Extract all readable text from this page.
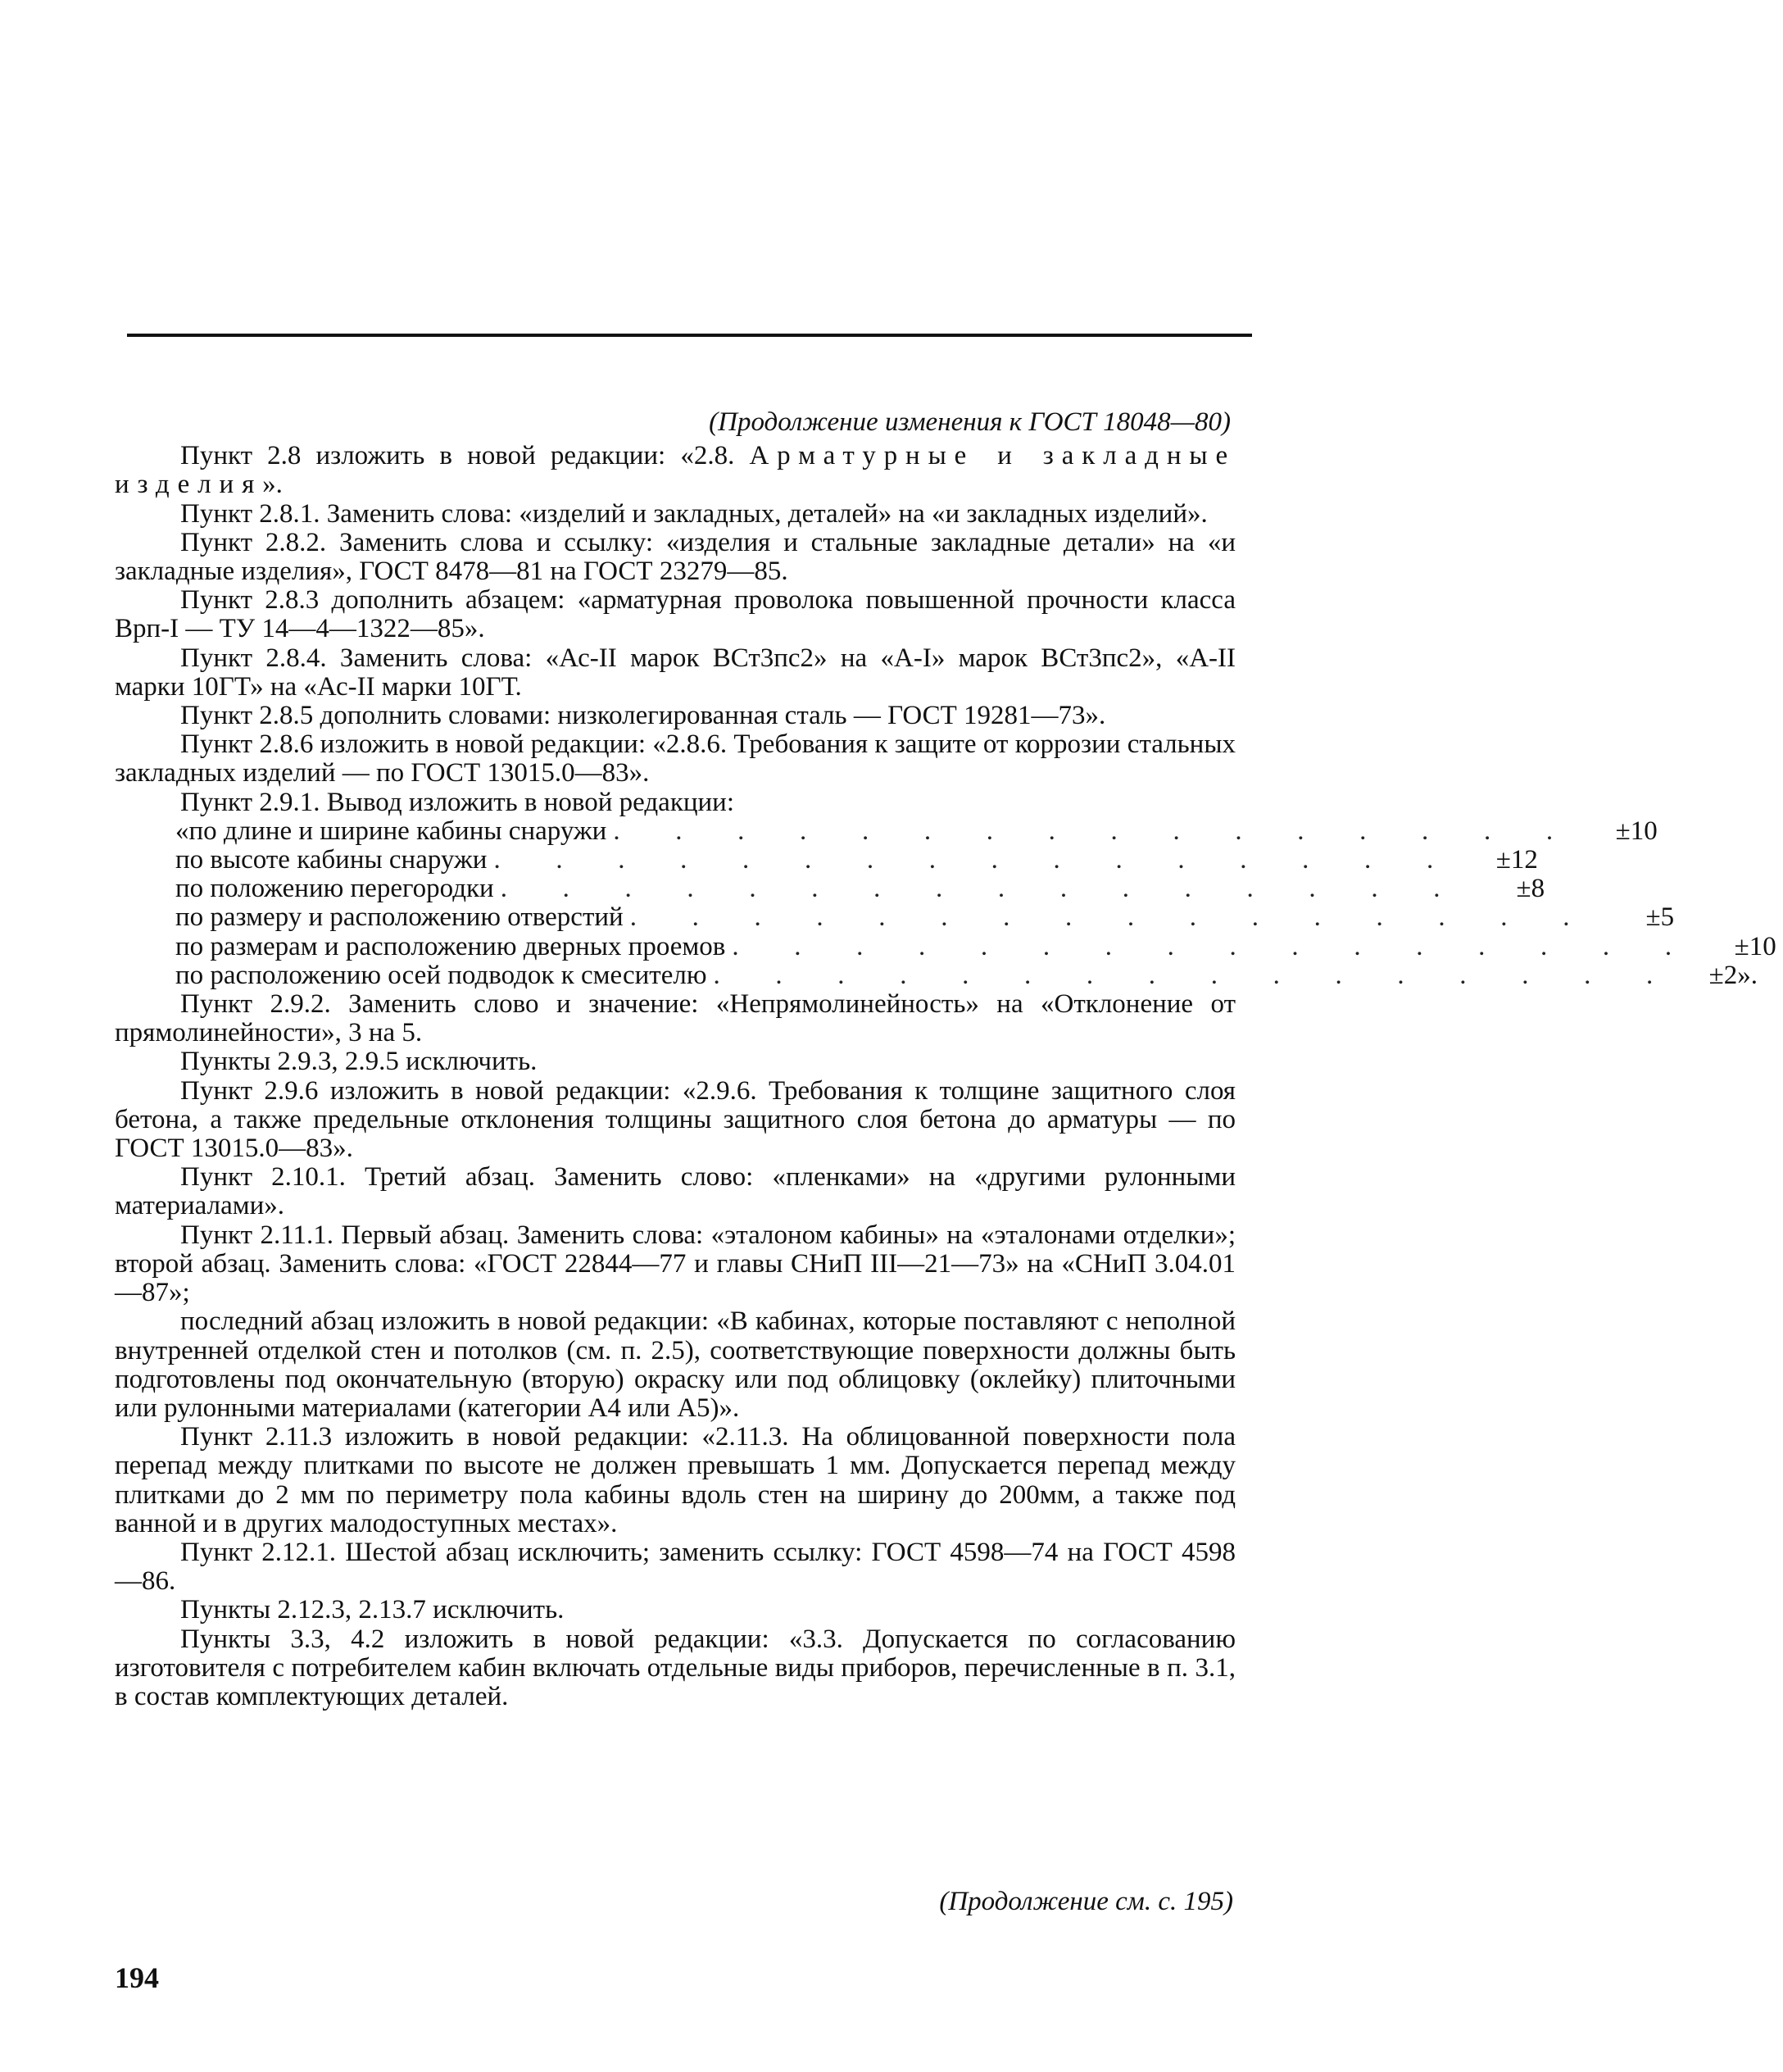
(Продолжение изменения к ГОСТ 18048—80)
Пункт 2.8 изложить в новой редакции: «2.8. Арматурные и закладные изделия».
Пункт 2.8.1. Заменить слова: «изделий и закладных, деталей» на «и закладных изделий».
Пункт 2.8.2. Заменить слова и ссылку: «изделия и стальные закладные детали» на «и закладные изделия», ГОСТ 8478—81 на ГОСТ 23279—85.
Пункт 2.8.3 дополнить абзацем: «арматурная проволока повышенной прочности класса Врп-I — ТУ 14—4—1322—85».
Пункт 2.8.4. Заменить слова: «Ас-II марок ВСт3пс2» на «А-I» марок ВСт3пс2», «А-II марки 10ГТ» на «Ас-II марки 10ГТ.
Пункт 2.8.5 дополнить словами: низколегированная сталь — ГОСТ 19281—73».
Пункт 2.8.6 изложить в новой редакции: «2.8.6. Требования к защите от коррозии стальных закладных изделий — по ГОСТ 13015.0—83».
Пункт 2.9.1. Вывод изложить в новой редакции:
«по длине и ширине кабины снаружи . . . . . . . . . . . . . . . .	±10
по высоте кабины снаружи . . . . . . . . . . . . . . . .	±12
по положению перегородки . . . . . . . . . . . . . . . .	±8
по размеру и расположению отверстий . . . . . . . . . . . . . . . .	±5
по размерам и расположению дверных проемов . . . . . . . . . . . . . . . .	±10
по расположению осей подводок к смесителю . . . . . . . . . . . . . . . .	±2».
Пункт 2.9.2. Заменить слово и значение: «Непрямолинейность» на «Отклонение от прямолинейности», 3 на 5.
Пункты 2.9.3, 2.9.5 исключить.
Пункт 2.9.6 изложить в новой редакции: «2.9.6. Требования к толщине защитного слоя бетона, а также предельные отклонения толщины защитного слоя бетона до арматуры — по ГОСТ 13015.0—83».
Пункт 2.10.1. Третий абзац. Заменить слово: «пленками» на «другими рулонными материалами».
Пункт 2.11.1. Первый абзац. Заменить слова: «эталоном кабины» на «эталонами отделки»; второй абзац. Заменить слова: «ГОСТ 22844—77 и главы СНиП III—21—73» на «СНиП 3.04.01—87»;
последний абзац изложить в новой редакции: «В кабинах, которые поставляют с неполной внутренней отделкой стен и потолков (см. п. 2.5), соответствующие поверхности должны быть подготовлены под окончательную (вторую) окраску или под облицовку (оклейку) плиточными или рулонными материалами (категории А4 или А5)».
Пункт 2.11.3 изложить в новой редакции: «2.11.3. На облицованной поверхности пола перепад между плитками по высоте не должен превышать 1 мм. Допускается перепад между плитками до 2 мм по периметру пола кабины вдоль стен на ширину до 200мм, а также под ванной и в других малодоступных местах».
Пункт 2.12.1. Шестой абзац исключить; заменить ссылку: ГОСТ 4598—74 на ГОСТ 4598—86.
Пункты 2.12.3, 2.13.7 исключить.
Пункты 3.3, 4.2 изложить в новой редакции: «3.3. Допускается по согласованию изготовителя с потребителем кабин включать отдельные виды приборов, перечисленные в п. 3.1, в состав комплектующих деталей.
(Продолжение см. с. 195)
194
